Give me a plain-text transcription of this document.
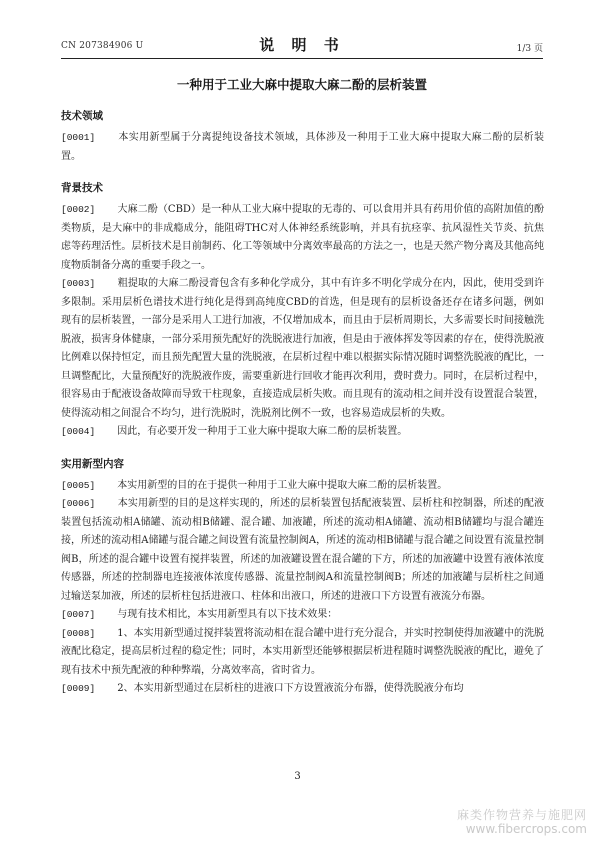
CN 207384906 U	说 明 书	1/3 页
一种用于工业大麻中提取大麻二酚的层析装置
技术领域

[0001]　　 本实用新型属于分离提纯设备技术领域，具体涉及一种用于工业大麻中提取大麻二酚的层析装置。

背景技术

[0002]　　 大麻二酚（CBD）是一种从工业大麻中提取的无毒的、可以食用并具有药用价值的高附加值的酚类物质，是大麻中的非成瘾成分，能阻碍THC对人体神经系统影响，并具有抗痉挛、抗风湿性关节炎、抗焦虑等药理活性。层析技术是目前制药、化工等领域中分离效率最高的方法之一，也是天然产物分离及其他高纯度物质制备分离的重要手段之一。

[0003]　　 粗提取的大麻二酚浸膏包含有多种化学成分，其中有许多不明化学成分在内，因此，使用受到许多限制。采用层析色谱技术进行纯化是得到高纯度CBD的首选，但是现有的层析设备还存在诸多问题，例如现有的层析装置，一部分是采用人工进行加液，不仅增加成本，而且由于层析周期长，大多需要长时间接触洗脱液，损害身体健康，一部分采用预先配好的洗脱液进行加液，但是由于液体挥发等因素的存在，使得洗脱液比例难以保持恒定，而且预先配置大量的洗脱液，在层析过程中难以根据实际情况随时调整洗脱液的配比，一旦调整配比，大量预配好的洗脱液作废，需要重新进行回收才能再次利用，费时费力。同时，在层析过程中，很容易由于配液设备故障而导致干柱现象，直接造成层析失败。而且现有的流动相之间并没有设置混合装置，使得流动相之间混合不均匀，进行洗脱时，洗脱剂比例不一致，也容易造成层析的失败。

[0004]　　 因此，有必要开发一种用于工业大麻中提取大麻二酚的层析装置。

实用新型内容

[0005]　　 本实用新型的目的在于提供一种用于工业大麻中提取大麻二酚的层析装置。

[0006]　　 本实用新型的目的是这样实现的，所述的层析装置包括配液装置、层析柱和控制器，所述的配液装置包括流动相A储罐、流动相B储罐、混合罐、加液罐，所述的流动相A储罐、流动相B储罐均与混合罐连接，所述的流动相A储罐与混合罐之间设置有流量控制阀A，所述的流动相B储罐与混合罐之间设置有流量控制阀B，所述的混合罐中设置有搅拌装置，所述的加液罐设置在混合罐的下方，所述的加液罐中设置有液体浓度传感器，所述的控制器电连接液体浓度传感器、流量控制阀A和流量控制阀B；所述的加液罐与层析柱之间通过输送泵加液，所述的层析柱包括进液口、柱体和出液口，所述的进液口下方设置有液流分布器。

[0007]　　 与现有技术相比，本实用新型具有以下技术效果：

[0008]　　 1、本实用新型通过搅拌装置将流动相在混合罐中进行充分混合，并实时控制使得加液罐中的洗脱液配比稳定，提高层析过程的稳定性；同时，本实用新型还能够根据层析进程随时调整洗脱液的配比，避免了现有技术中预先配液的种种弊端，分离效率高，省时省力。

[0009]　　 2、本实用新型通过在层析柱的进液口下方设置液流分布器，使得洗脱液分布均

3
麻类作物营养与施肥网
www.fibercrops.com
